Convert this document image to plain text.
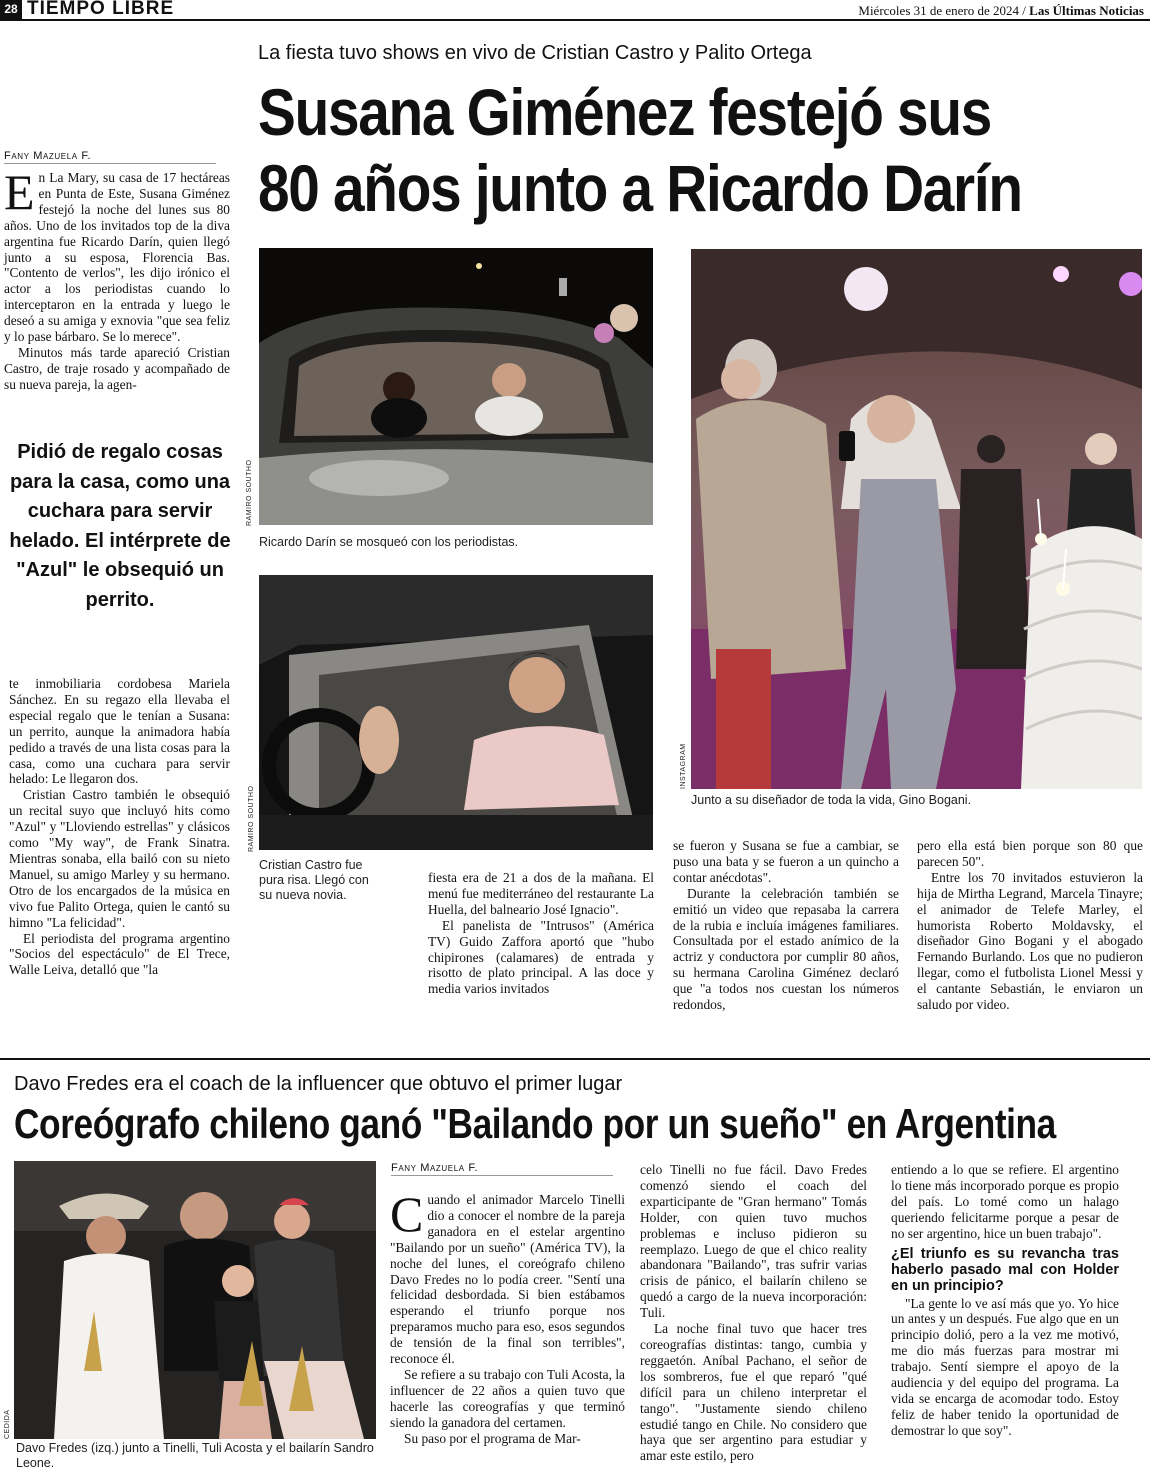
28 TIEMPO LIBRE	Miércoles 31 de enero de 2024 / Las Últimas Noticias
La fiesta tuvo shows en vivo de Cristian Castro y Palito Ortega
Susana Giménez festejó sus
80 años junto a Ricardo Darín
Fany Mazuela F.

En La Mary, su casa de 17 hectáreas en Punta de Este, Susana Giménez festejó la noche del lunes sus 80 años. Uno de los invitados top de la diva argentina fue Ricardo Darín, quien llegó junto a su esposa, Florencia Bas. "Contento de verlos", les dijo irónico el actor a los periodistas cuando lo interceptaron en la entrada y luego le deseó a su amiga y exnovia "que sea feliz y lo pase bárbaro. Se lo merece".

Minutos más tarde apareció Cristian Castro, de traje rosado y acompañado de su nueva pareja, la agen-

Pidió de regalo cosas para la casa, como una cuchara para servir helado. El intérprete de "Azul" le obsequió un perrito.

te inmobiliaria cordobesa Mariela Sánchez. En su regazo ella llevaba el especial regalo que le tenían a Susana: un perrito, aunque la animadora había pedido a través de una lista cosas para la casa, como una cuchara para servir helado: Le llegaron dos.

Cristian Castro también le obsequió un recital suyo que incluyó hits como "Azul" y "Lloviendo estrellas" y clásicos como "My way", de Frank Sinatra. Mientras sonaba, ella bailó con su nieto Manuel, su amigo Marley y su hermano. Otro de los encargados de la música en vivo fue Palito Ortega, quien le cantó su himno "La felicidad".

El periodista del programa argentino "Socios del espectáculo" de El Trece, Walle Leiva, detalló que "la

RAMIRO SOUTHO
Ricardo Darín se mosqueó con los periodistas.
RAMIRO SOUTHO
Cristian Castro fue pura risa. Llegó con su nueva novia.
INSTAGRAM
Junto a su diseñador de toda la vida, Gino Bogani.

fiesta era de 21 a dos de la mañana. El menú fue mediterráneo del restaurante La Huella, del balneario José Ignacio".

El panelista de "Intrusos" (América TV) Guido Zaffora aportó que "hubo chipirones (calamares) de entrada y risotto de plato principal. A las doce y media varios invitados

se fueron y Susana se fue a cambiar, se puso una bata y se fueron a un quincho a contar anécdotas".

Durante la celebración también se emitió un video que repasaba la carrera de la rubia e incluía imágenes familiares. Consultada por el estado anímico de la actriz y conductora por cumplir 80 años, su hermana Carolina Giménez declaró que "a todos nos cuestan los números redondos,

pero ella está bien porque son 80 que parecen 50".

Entre los 70 invitados estuvieron la hija de Mirtha Legrand, Marcela Tinayre; el animador de Telefe Marley, el humorista Roberto Moldavsky, el diseñador Gino Bogani y el abogado Fernando Burlando. Los que no pudieron llegar, como el futbolista Lionel Messi y el cantante Sebastián, le enviaron un saludo por video.

Davo Fredes era el coach de la influencer que obtuvo el primer lugar
Coreógrafo chileno ganó "Bailando por un sueño" en Argentina
CEDIDA
Davo Fredes (izq.) junto a Tinelli, Tuli Acosta y el bailarín Sandro Leone.
Fany Mazuela F.

Cuando el animador Marcelo Tinelli dio a conocer el nombre de la pareja ganadora en el estelar argentino "Bailando por un sueño" (América TV), la noche del lunes, el coreógrafo chileno Davo Fredes no lo podía creer. "Sentí una felicidad desbordada. Si bien estábamos esperando el triunfo porque nos preparamos mucho para eso, esos segundos de tensión de la final son terribles", reconoce él.

Se refiere a su trabajo con Tuli Acosta, la influencer de 22 años a quien tuvo que hacerle las coreografías y que terminó siendo la ganadora del certamen.

Su paso por el programa de Mar-

celo Tinelli no fue fácil. Davo Fredes comenzó siendo el coach del exparticipante de "Gran hermano" Tomás Holder, con quien tuvo muchos problemas e incluso pidieron su reemplazo. Luego de que el chico reality abandonara "Bailando", tras sufrir varias crisis de pánico, el bailarín chileno se quedó a cargo de la nueva incorporación: Tuli.

La noche final tuvo que hacer tres coreografías distintas: tango, cumbia y reggaetón. Aníbal Pachano, el señor de los sombreros, fue el que reparó "qué difícil para un chileno interpretar el tango". "Justamente siendo chileno estudié tango en Chile. No considero que haya que ser argentino para estudiar y amar este estilo, pero

entiendo a lo que se refiere. El argentino lo tiene más incorporado porque es propio del país. Lo tomé como un halago queriendo felicitarme porque a pesar de no ser argentino, hice un buen trabajo".

¿El triunfo es su revancha tras haberlo pasado mal con Holder en un principio?

"La gente lo ve así más que yo. Yo hice un antes y un después. Fue algo que en un principio dolió, pero a la vez me motivó, me dio más fuerzas para mostrar mi trabajo. Sentí siempre el apoyo de la audiencia y del equipo del programa. La vida se encarga de acomodar todo. Estoy feliz de haber tenido la oportunidad de demostrar lo que soy".
